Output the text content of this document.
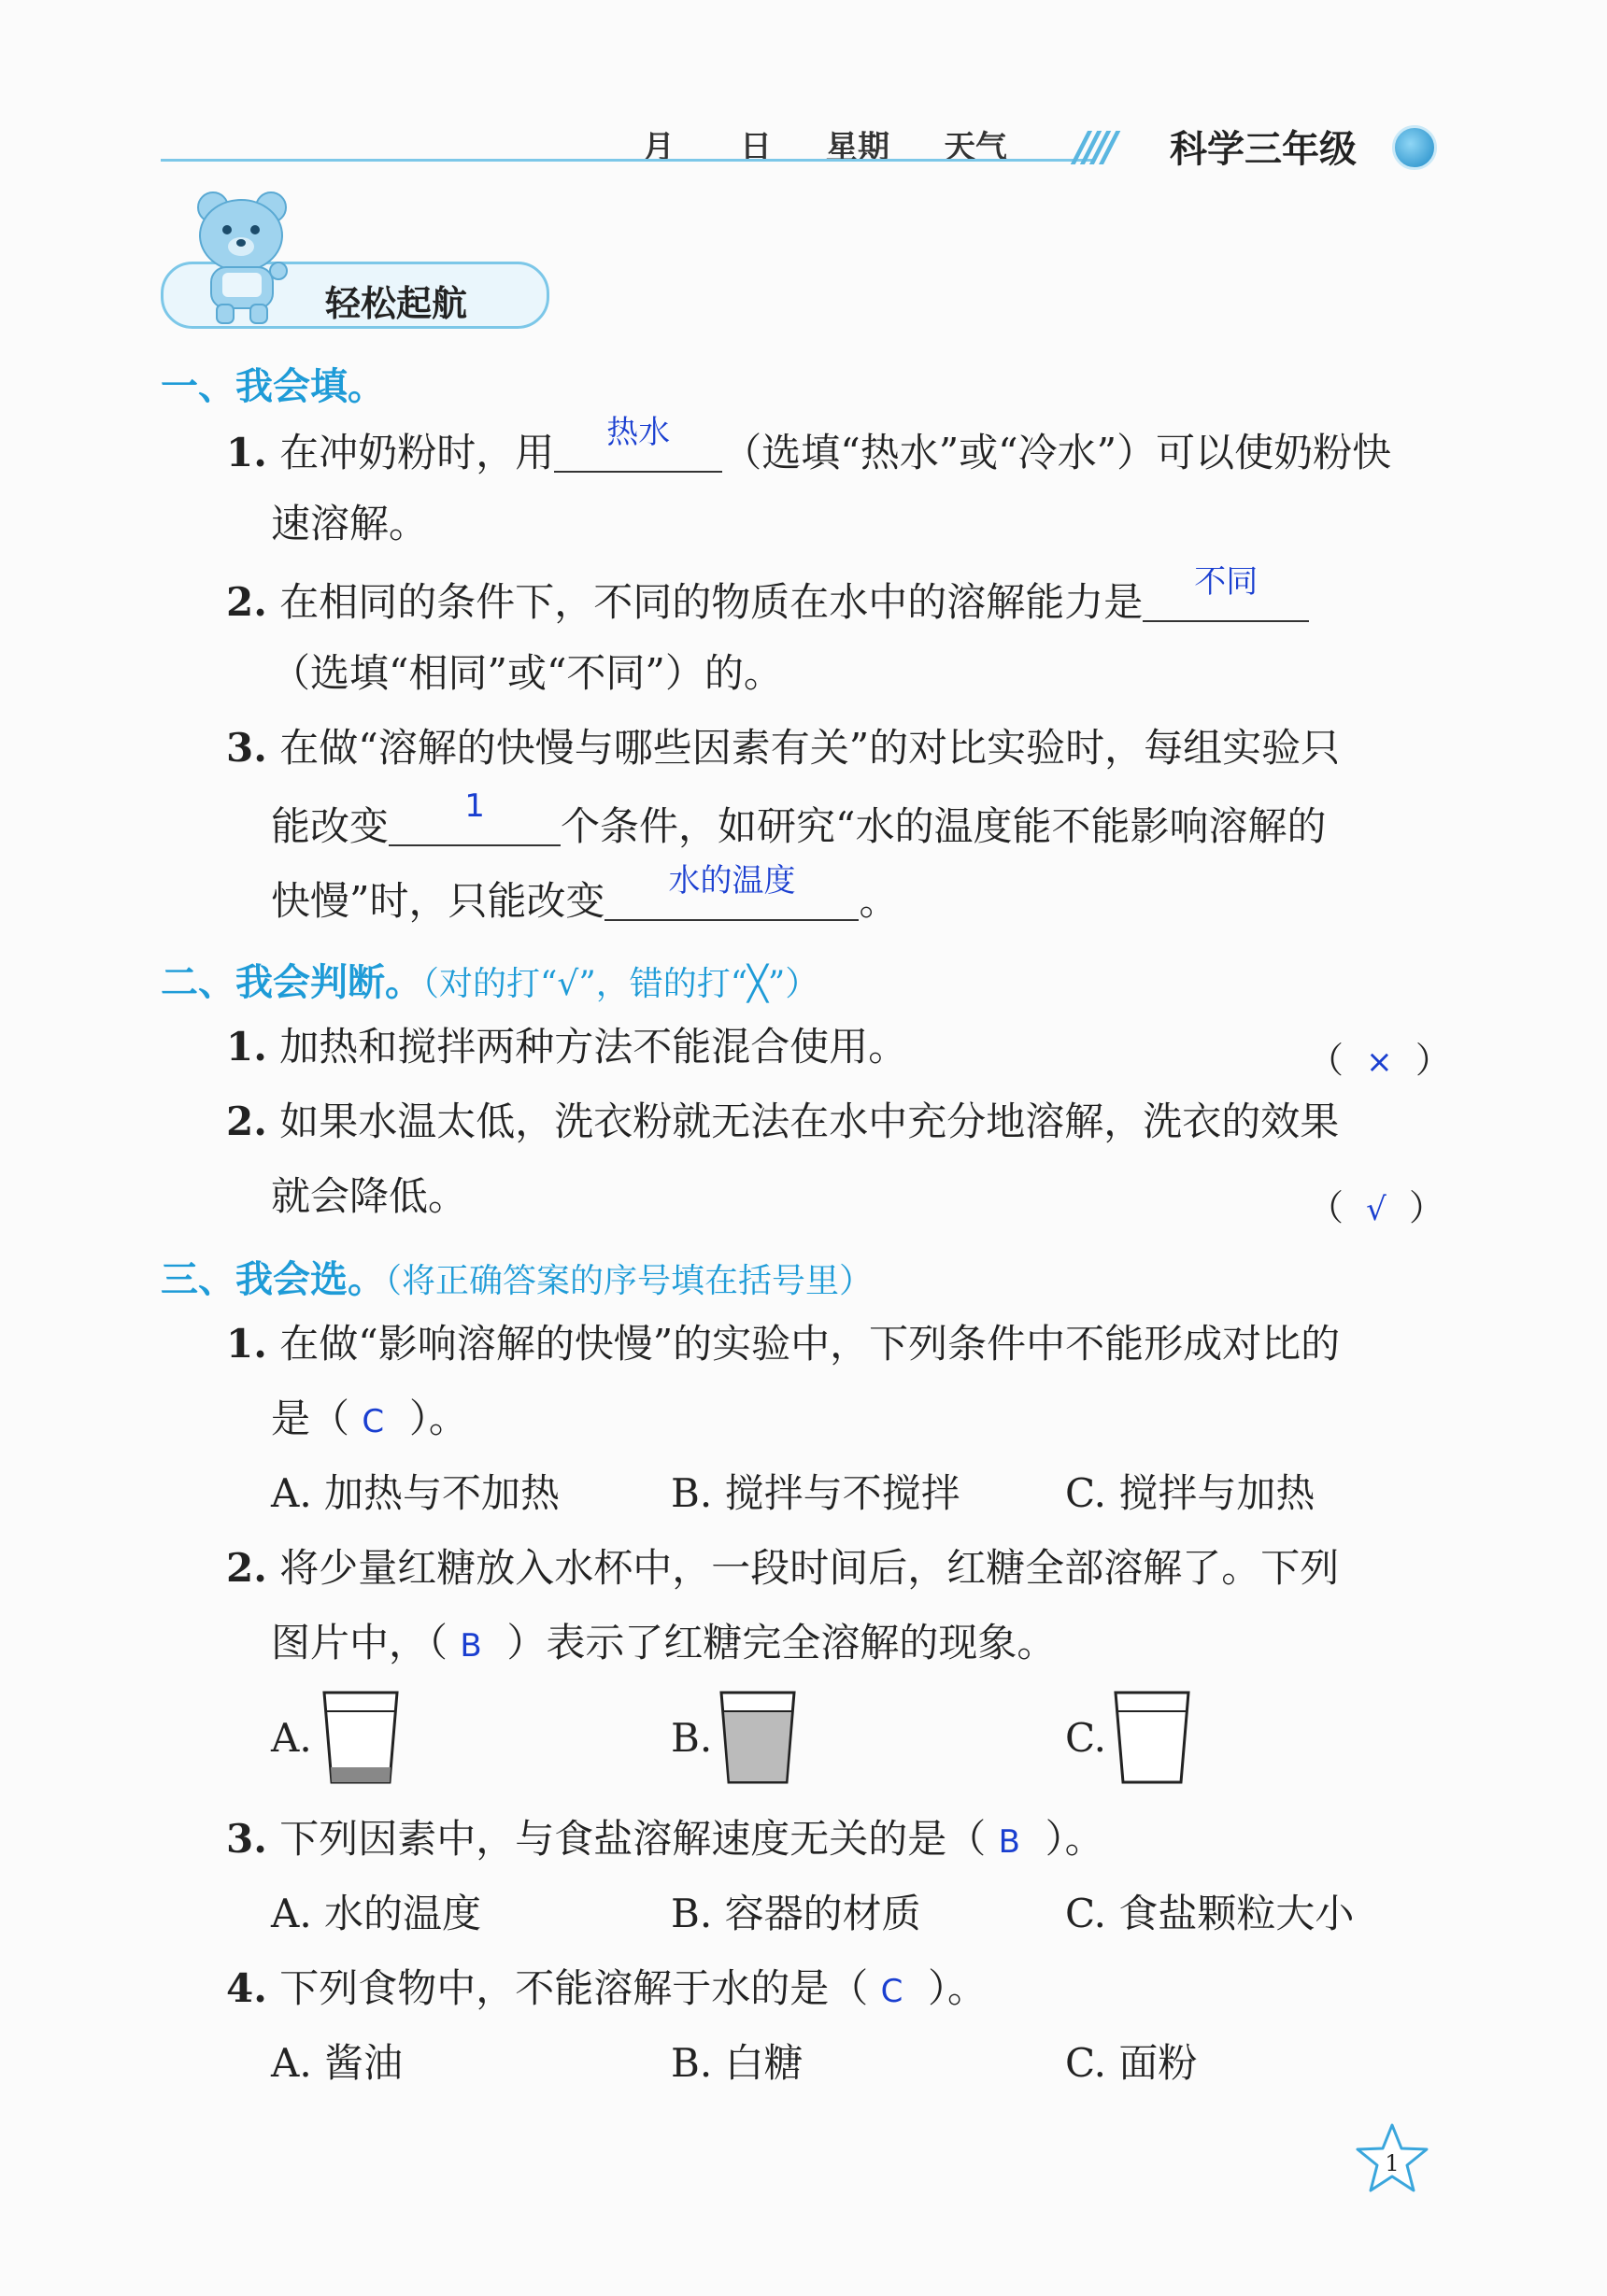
月 日 星期 天气 //// 科学三年级
轻松起航
一、我会填。
1. 在冲奶粉时，用	热水	（选填“热水”或“冷水”）可以使奶粉快
速溶解。
2. 在相同的条件下，不同的物质在水中的溶解能力是	不同
（选填“相同”或“不同”）的。
3. 在做“溶解的快慢与哪些因素有关”的对比实验时，每组实验只
能改变	1	个条件，如研究“水的温度能不能影响溶解的
快慢”时，只能改变	水的温度	。
二、我会判断。（对的打“√”，错的打“╳”）
1. 加热和搅拌两种方法不能混合使用。	（  ×  ）
2. 如果水温太低，洗衣粉就无法在水中充分地溶解，洗衣的效果
就会降低。	（  √  ）
三、我会选。（将正确答案的序号填在括号里）
1. 在做“影响溶解的快慢”的实验中，下列条件中不能形成对比的
是（ C ）。
A. 加热与不加热	B. 搅拌与不搅拌	C. 搅拌与加热
2. 将少量红糖放入水杯中，一段时间后，红糖全部溶解了。下列
图片中，（ B ）表示了红糖完全溶解的现象。
A.	B.	C.
3. 下列因素中，与食盐溶解速度无关的是（ B ）。
A. 水的温度	B. 容器的材质	C. 食盐颗粒大小
4. 下列食物中，不能溶解于水的是（ C ）。
A. 酱油	B. 白糖	C. 面粉
1
